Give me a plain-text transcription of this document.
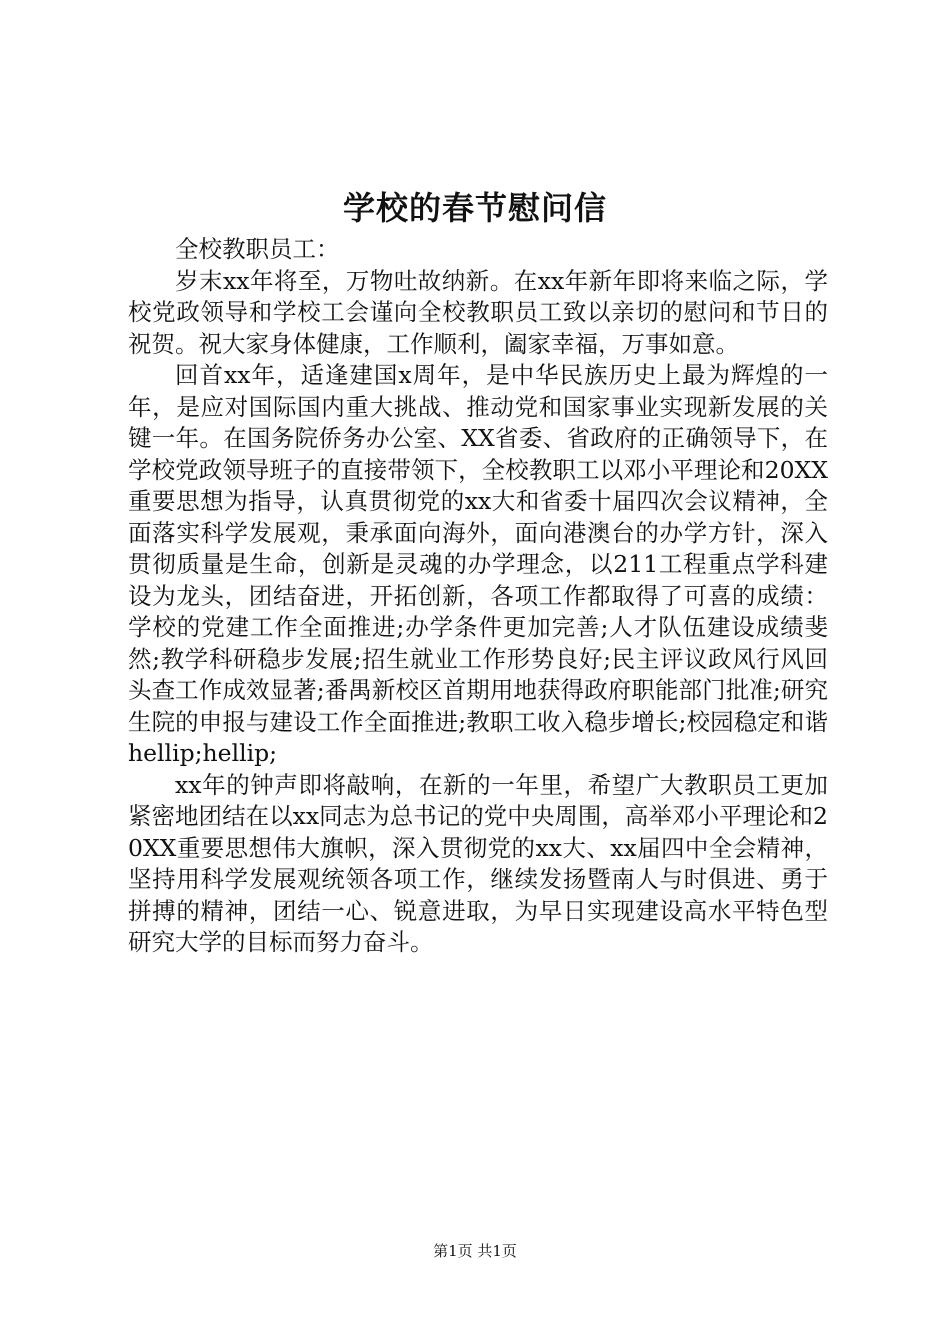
学校的春节慰问信

全校教职员工：

岁末xx年将至，万物吐故纳新。在xx年新年即将来临之际，学校党政领导和学校工会谨向全校教职员工致以亲切的慰问和节日的祝贺。祝大家身体健康，工作顺利，阖家幸福，万事如意。

回首xx年，适逢建国x周年，是中华民族历史上最为辉煌的一年，是应对国际国内重大挑战、推动党和国家事业实现新发展的关键一年。在国务院侨务办公室、XX省委、省政府的正确领导下，在学校党政领导班子的直接带领下，全校教职工以邓小平理论和20XX重要思想为指导，认真贯彻党的xx大和省委十届四次会议精神，全面落实科学发展观，秉承面向海外，面向港澳台的办学方针，深入贯彻质量是生命，创新是灵魂的办学理念，以211工程重点学科建设为龙头，团结奋进，开拓创新，各项工作都取得了可喜的成绩：学校的党建工作全面推进;办学条件更加完善;人才队伍建设成绩斐然;教学科研稳步发展;招生就业工作形势良好;民主评议政风行风回头查工作成效显著;番禺新校区首期用地获得政府职能部门批准;研究生院的申报与建设工作全面推进;教职工收入稳步增长;校园稳定和谐hellip;hellip;

xx年的钟声即将敲响，在新的一年里，希望广大教职员工更加紧密地团结在以xx同志为总书记的党中央周围，高举邓小平理论和20XX重要思想伟大旗帜，深入贯彻党的xx大、xx届四中全会精神，坚持用科学发展观统领各项工作，继续发扬暨南人与时俱进、勇于拼搏的精神，团结一心、锐意进取，为早日实现建设高水平特色型研究大学的目标而努力奋斗。

第1页 共1页
